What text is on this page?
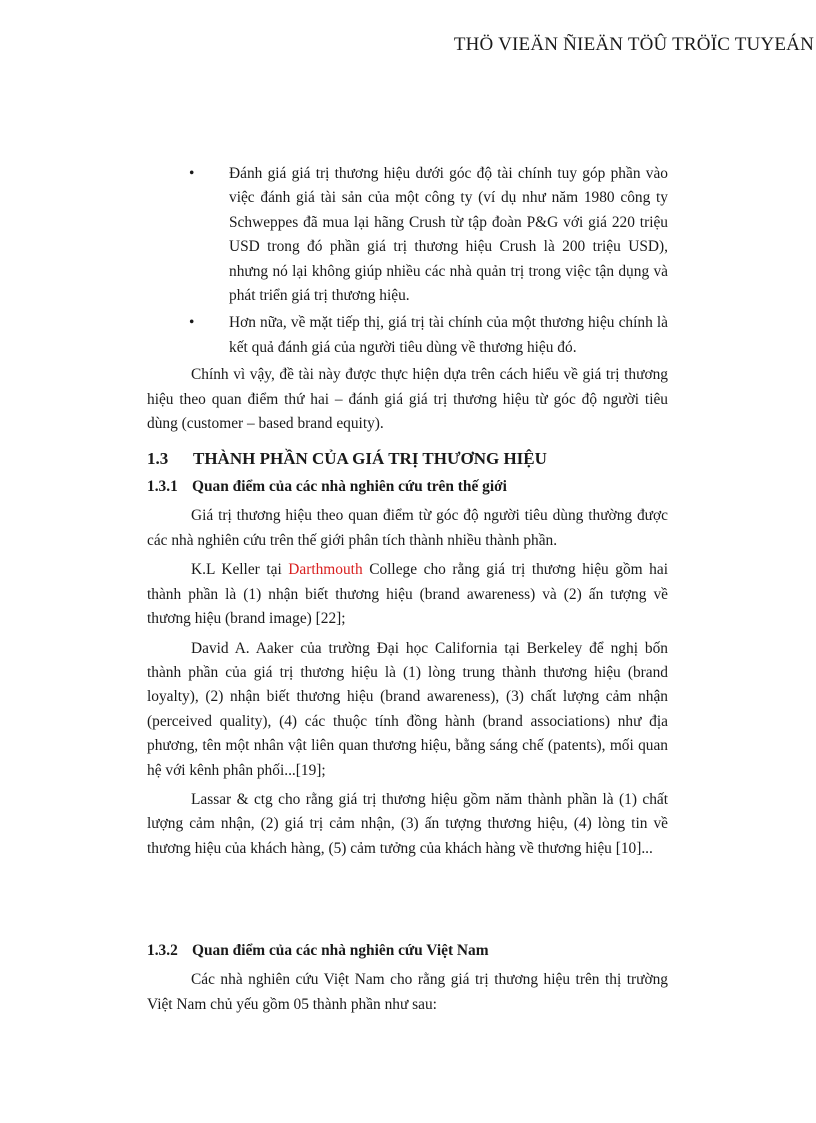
THÖ VIEÄN ÑIEÄN TÖÛ TRÖÏC TUYEÁN
• Đánh giá giá trị thương hiệu dưới góc độ tài chính tuy góp phần vào việc đánh giá tài sản của một công ty (ví dụ như năm 1980 công ty Schweppes đã mua lại hãng Crush từ tập đoàn P&G với giá 220 triệu USD trong đó phần giá trị thương hiệu Crush là 200 triệu USD), nhưng nó lại không giúp nhiều các nhà quản trị trong việc tận dụng và phát triển giá trị thương hiệu.
• Hơn nữa, về mặt tiếp thị, giá trị tài chính của một thương hiệu chính là kết quả đánh giá của người tiêu dùng về thương hiệu đó.

Chính vì vậy, đề tài này được thực hiện dựa trên cách hiểu về giá trị thương hiệu theo quan điểm thứ hai – đánh giá giá trị thương hiệu từ góc độ người tiêu dùng (customer – based brand equity).

1.3 THÀNH PHẦN CỦA GIÁ TRỊ THƯƠNG HIỆU
1.3.1 Quan điểm của các nhà nghiên cứu trên thế giới

Giá trị thương hiệu theo quan điểm từ góc độ người tiêu dùng thường được các nhà nghiên cứu trên thế giới phân tích thành nhiều thành phần.

K.L Keller tại Darthmouth College cho rằng giá trị thương hiệu gồm hai thành phần là (1) nhận biết thương hiệu (brand awareness) và (2) ấn tượng về thương hiệu (brand image) [22];

David A. Aaker của trường Đại học California tại Berkeley để nghị bốn thành phần của giá trị thương hiệu là (1) lòng trung thành thương hiệu (brand loyalty), (2) nhận biết thương hiệu (brand awareness), (3) chất lượng cảm nhận (perceived quality), (4) các thuộc tính đồng hành (brand associations) như địa phương, tên một nhân vật liên quan thương hiệu, bằng sáng chế (patents), mối quan hệ với kênh phân phối...[19];

Lassar & ctg cho rằng giá trị thương hiệu gồm năm thành phần là (1) chất lượng cảm nhận, (2) giá trị cảm nhận, (3) ấn tượng thương hiệu, (4) lòng tin về thương hiệu của khách hàng, (5) cảm tưởng của khách hàng về thương hiệu [10]...

1.3.2 Quan điểm của các nhà nghiên cứu Việt Nam

Các nhà nghiên cứu Việt Nam cho rằng giá trị thương hiệu trên thị trường Việt Nam chủ yếu gồm 05 thành phần như sau:
